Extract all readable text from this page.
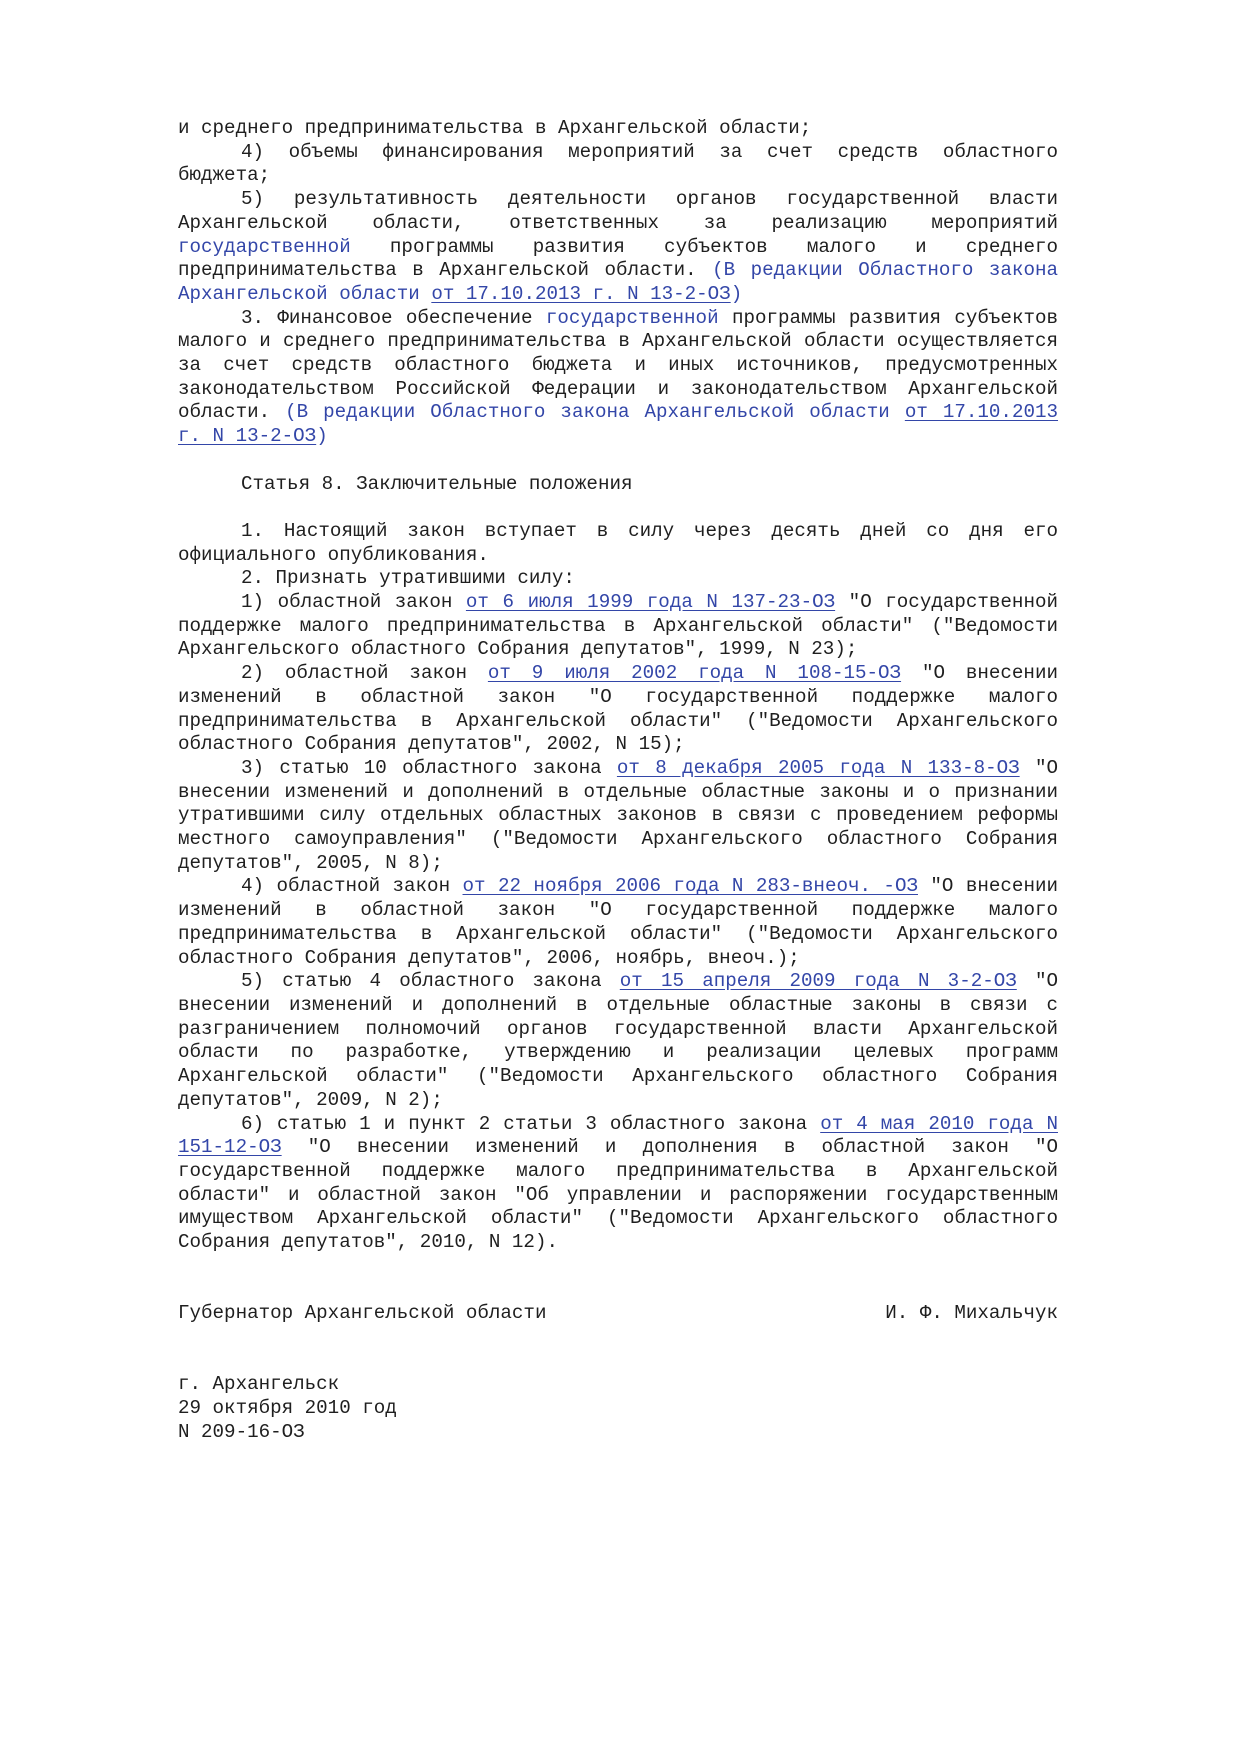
и среднего предпринимательства в Архангельской области;

4) объемы финансирования мероприятий за счет средств областного бюджета;

5) результативность деятельности органов государственной власти Архангельской области, ответственных за реализацию мероприятий государственной программы развития субъектов малого и среднего предпринимательства в Архангельской области. (В редакции Областного закона Архангельской области от 17.10.2013 г. N 13-2-ОЗ)

3. Финансовое обеспечение государственной программы развития субъектов малого и среднего предпринимательства в Архангельской области осуществляется за счет средств областного бюджета и иных источников, предусмотренных законодательством Российской Федерации и законодательством Архангельской области. (В редакции Областного закона Архангельской области от 17.10.2013 г. N 13-2-ОЗ)

Статья 8. Заключительные положения

1. Настоящий закон вступает в силу через десять дней со дня его официального опубликования.

2. Признать утратившими силу:

1) областной закон от 6 июля 1999 года N 137-23-ОЗ "О государственной поддержке малого предпринимательства в Архангельской области" ("Ведомости Архангельского областного Собрания депутатов", 1999, N 23);

2) областной закон от 9 июля 2002 года N 108-15-ОЗ "О внесении изменений в областной закон "О государственной поддержке малого предпринимательства в Архангельской области" ("Ведомости Архангельского областного Собрания депутатов", 2002, N 15);

3) статью 10 областного закона от 8 декабря 2005 года N 133-8-ОЗ "О внесении изменений и дополнений в отдельные областные законы и о признании утратившими силу отдельных областных законов в связи с проведением реформы местного самоуправления" ("Ведомости Архангельского областного Собрания депутатов", 2005, N 8);

4) областной закон от 22 ноября 2006 года N 283-внеоч. -ОЗ "О внесении изменений в областной закон "О государственной поддержке малого предпринимательства в Архангельской области" ("Ведомости Архангельского областного Собрания депутатов", 2006, ноябрь, внеоч.);

5) статью 4 областного закона от 15 апреля 2009 года N 3-2-ОЗ "О внесении изменений и дополнений в отдельные областные законы в связи с разграничением полномочий органов государственной власти Архангельской области по разработке, утверждению и реализации целевых программ Архангельской области" ("Ведомости Архангельского областного Собрания депутатов", 2009, N 2);

6) статью 1 и пункт 2 статьи 3 областного закона от 4 мая 2010 года N 151-12-ОЗ "О внесении изменений и дополнения в областной закон "О государственной поддержке малого предпринимательства в Архангельской области" и областной закон "Об управлении и распоряжении государственным имуществом Архангельской области" ("Ведомости Архангельского областного Собрания депутатов", 2010, N 12).

Губернатор Архангельской области	И. Ф. Михальчук

г. Архангельск

29 октября 2010 год

N 209-16-ОЗ
